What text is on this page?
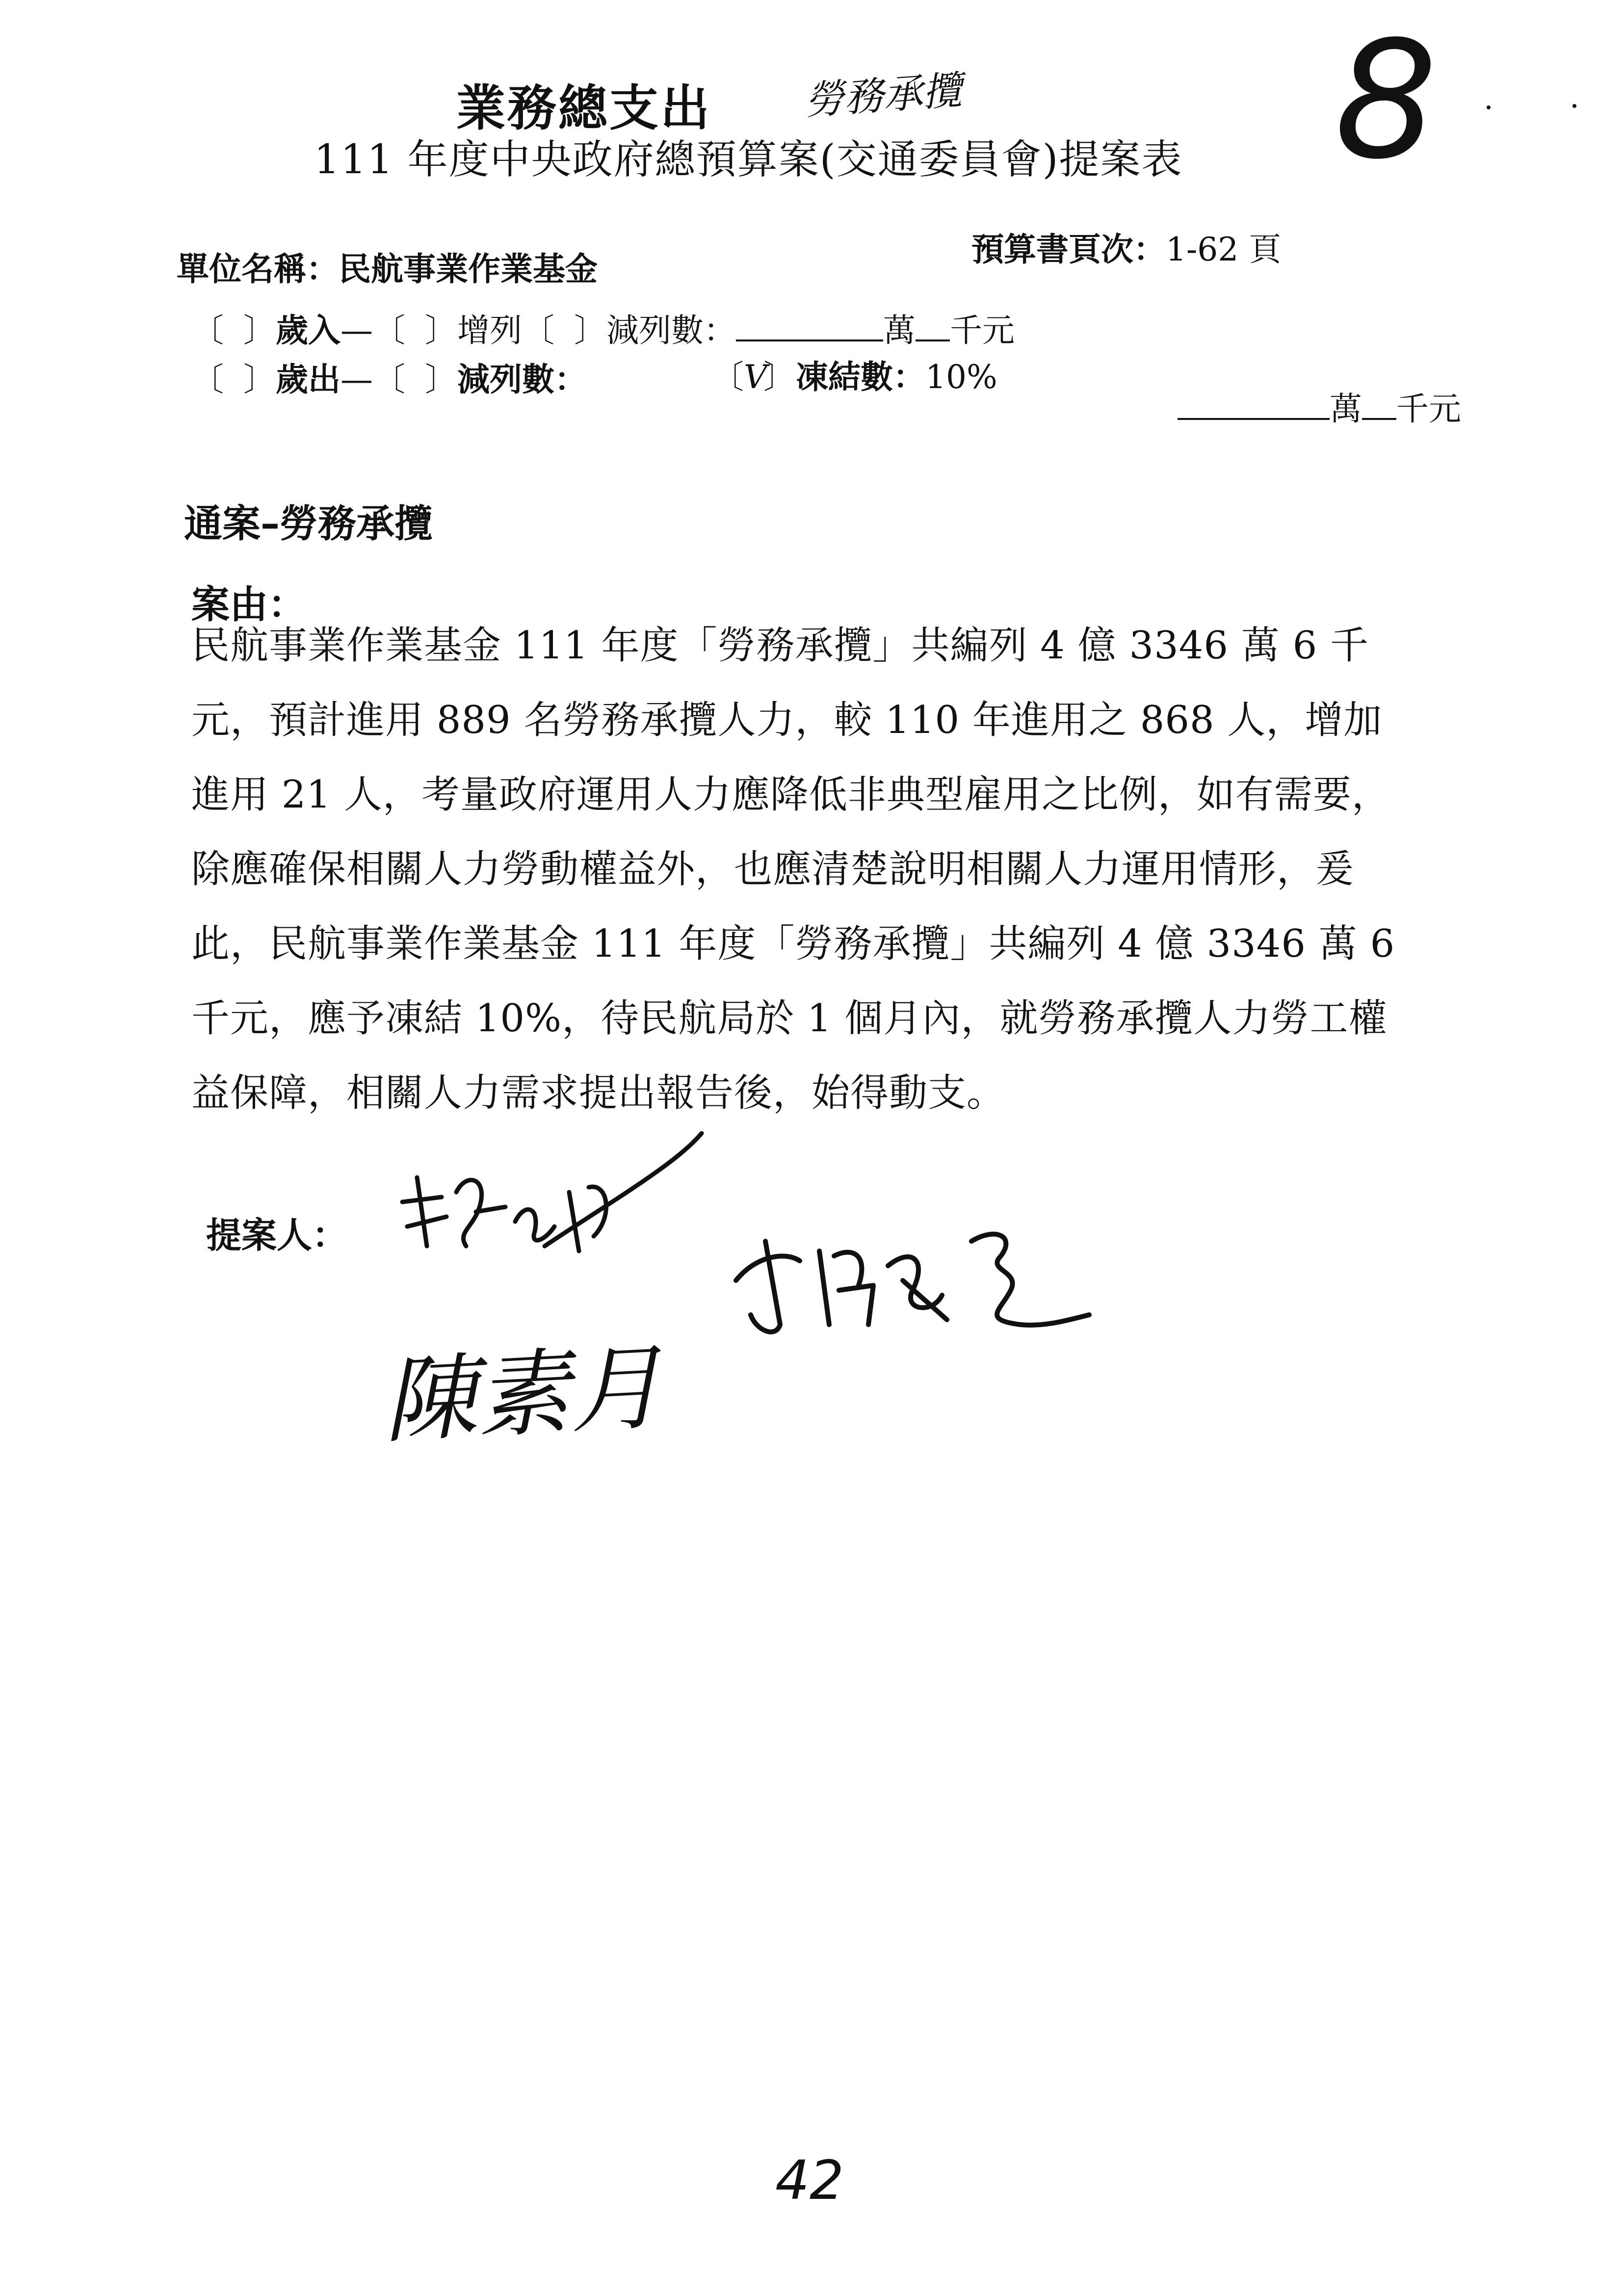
業務總支出 勞務承攬 8
111 年度中央政府總預算案(交通委員會)提案表
單位名稱：民航事業作業基金
預算書頁次：1-62 頁
〔 〕歲入—〔 〕增列〔 〕減列數：	萬 千元
〔 〕歲出—〔 〕減列數：	〔V〕凍結數：10%
萬 千元
通案–勞務承攬
案由：
民航事業作業基金 111 年度「勞務承攬」共編列 4 億 3346 萬 6 千元，預計進用 889 名勞務承攬人力，較 110 年進用之 868 人，增加進用 21 人，考量政府運用人力應降低非典型雇用之比例，如有需要，除應確保相關人力勞動權益外，也應清楚說明相關人力運用情形，爰此，民航事業作業基金 111 年度「勞務承攬」共編列 4 億 3346 萬 6 千元，應予凍結 10%，待民航局於 1 個月內，就勞務承攬人力勞工權益保障，相關人力需求提出報告後，始得動支。
提案人：
陳素月
42
